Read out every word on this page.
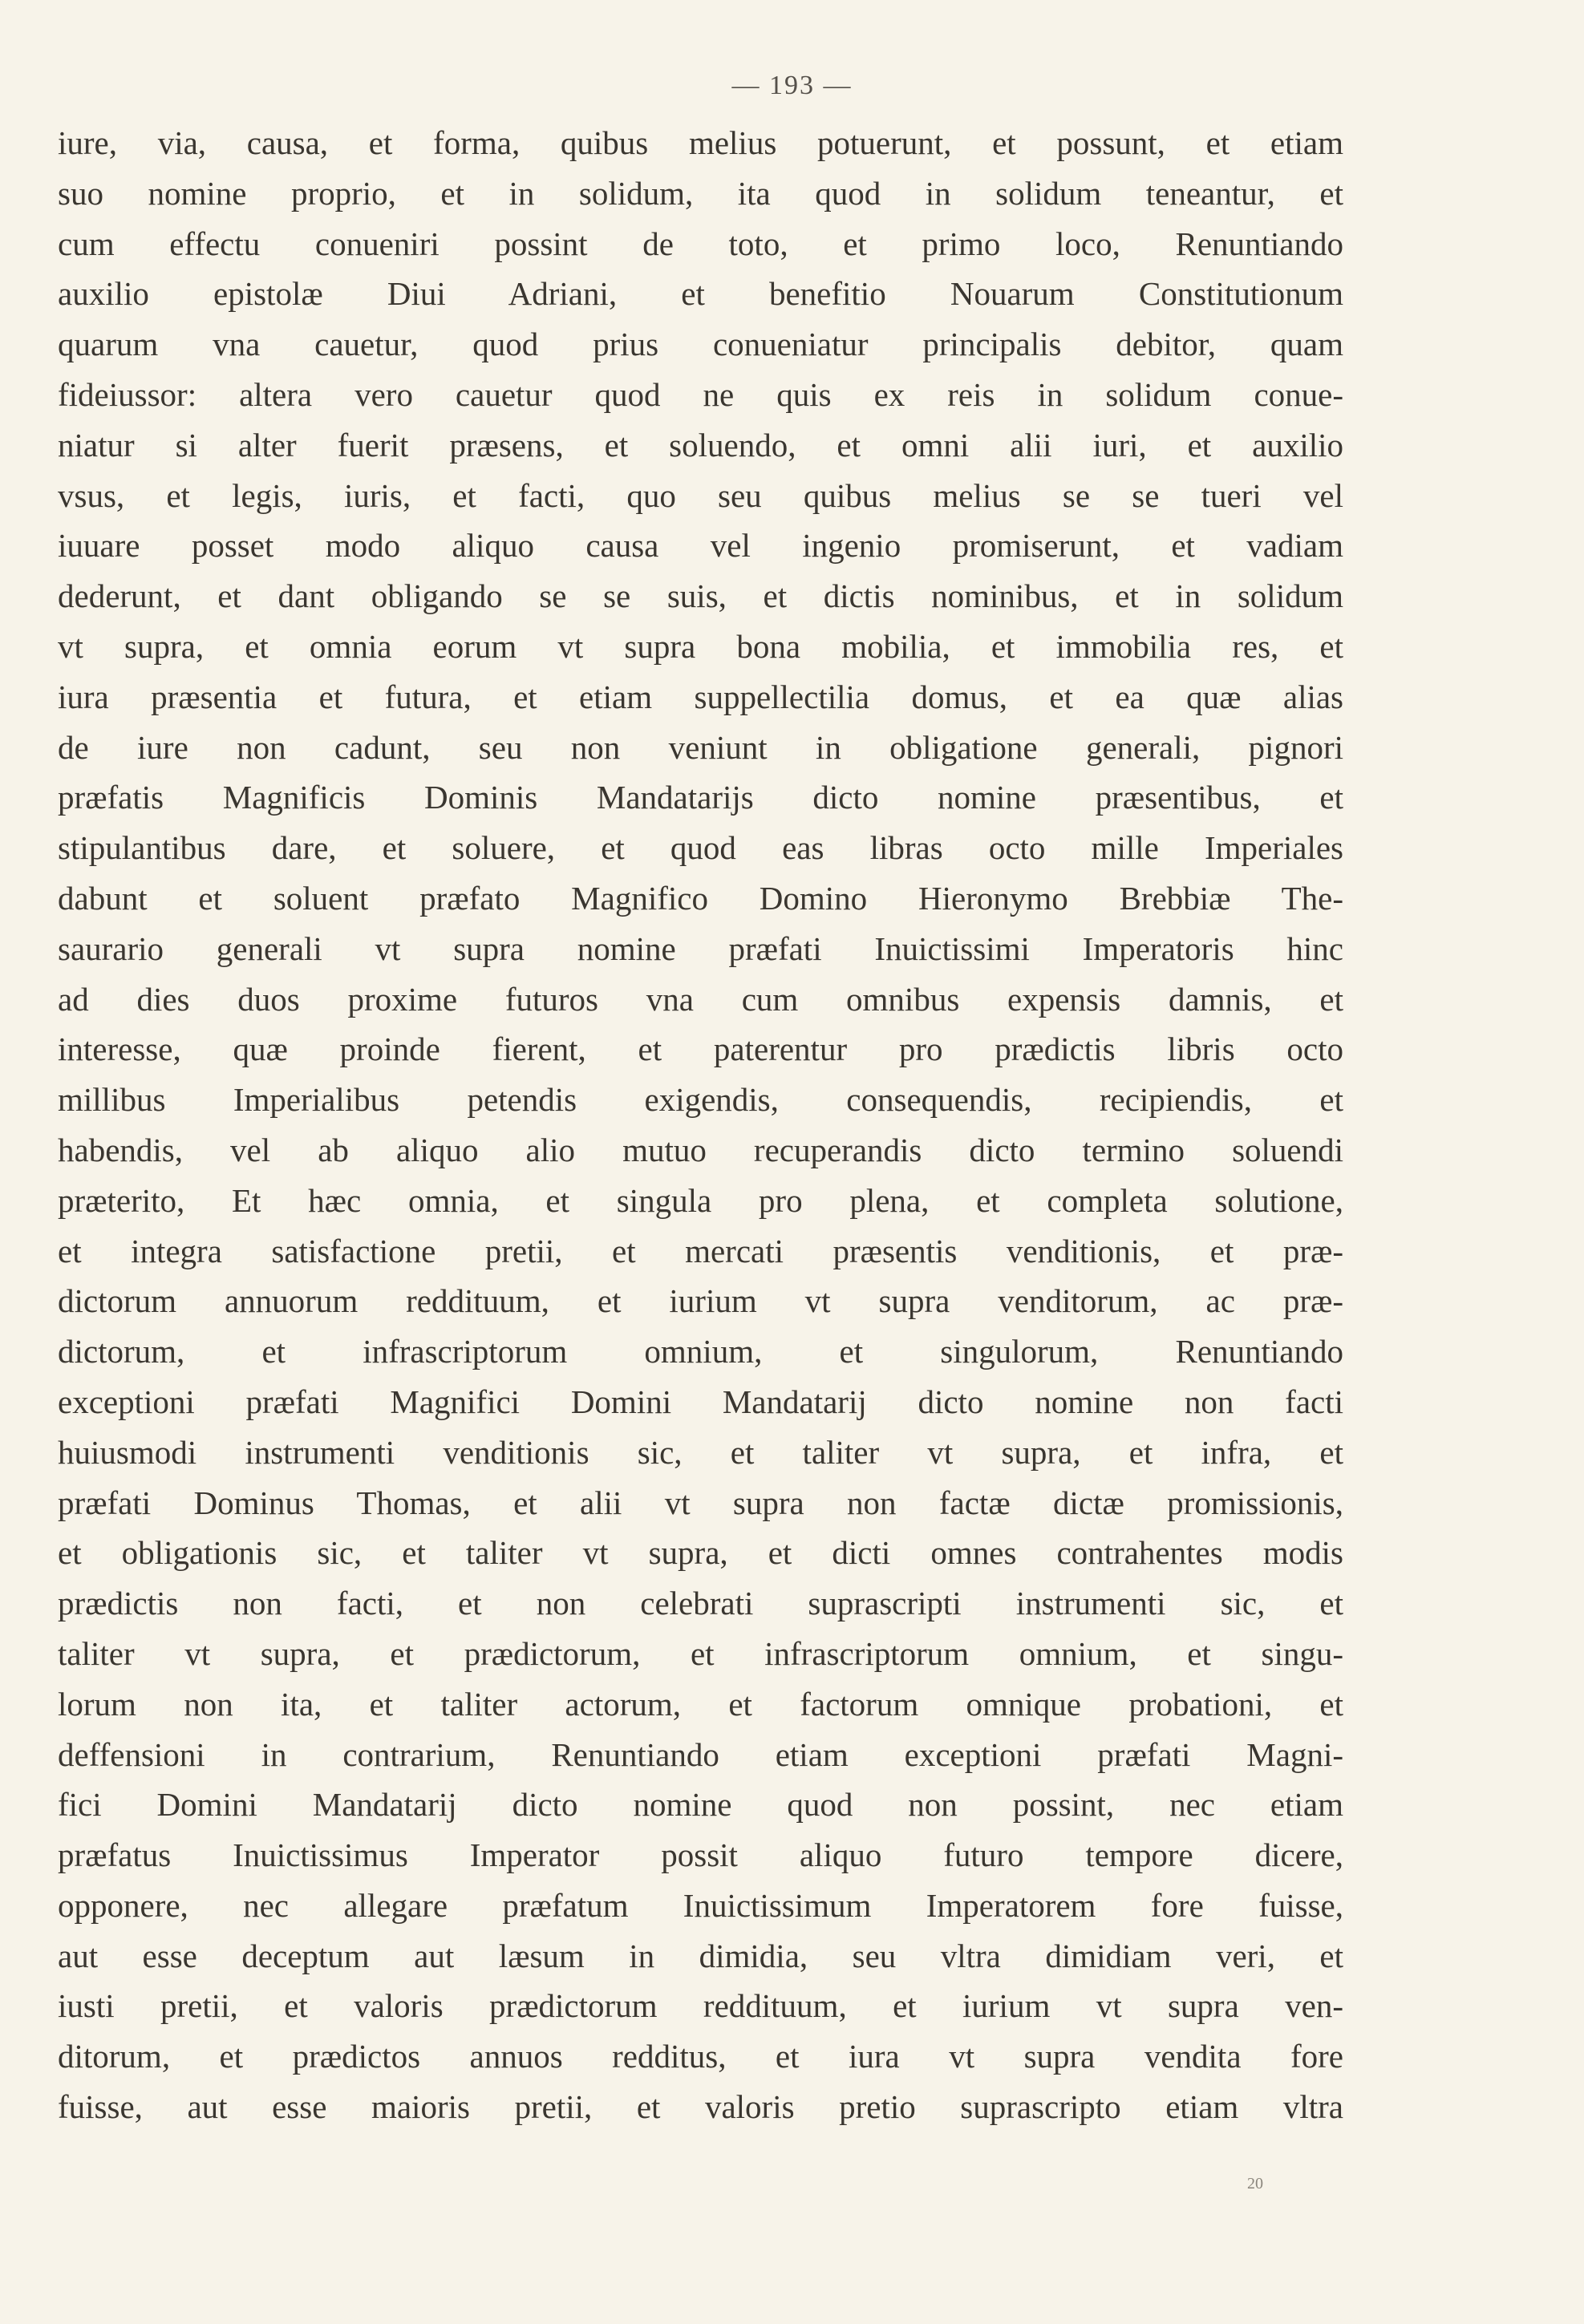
— 193 —
iure, via, causa, et forma, quibus melius potuerunt, et possunt, et etiam
suo nomine proprio, et in solidum, ita quod in solidum teneantur, et
cum effectu conueniri possint de toto, et primo loco, Renuntiando
auxilio epistolæ Diui Adriani, et benefitio Nouarum Constitutionum
quarum vna cauetur, quod prius conueniatur principalis debitor, quam
fideiussor: altera vero cauetur quod ne quis ex reis in solidum conue-
niatur si alter fuerit præsens, et soluendo, et omni alii iuri, et auxilio
vsus, et legis, iuris, et facti, quo seu quibus melius se se tueri vel
iuuare posset modo aliquo causa vel ingenio promiserunt, et vadiam
dederunt, et dant obligando se se suis, et dictis nominibus, et in solidum
vt supra, et omnia eorum vt supra bona mobilia, et immobilia res, et
iura præsentia et futura, et etiam suppellectilia domus, et ea quæ alias
de iure non cadunt, seu non veniunt in obligatione generali, pignori
præfatis Magnificis Dominis Mandatarijs dicto nomine præsentibus, et
stipulantibus dare, et soluere, et quod eas libras octo mille Imperiales
dabunt et soluent præfato Magnifico Domino Hieronymo Brebbiæ The-
saurario generali vt supra nomine præfati Inuictissimi Imperatoris hinc
ad dies duos proxime futuros vna cum omnibus expensis damnis, et
interesse, quæ proinde fierent, et paterentur pro prædictis libris octo
millibus Imperialibus petendis exigendis, consequendis, recipiendis, et
habendis, vel ab aliquo alio mutuo recuperandis dicto termino soluendi
præterito, Et hæc omnia, et singula pro plena, et completa solutione,
et integra satisfactione pretii, et mercati præsentis venditionis, et præ-
dictorum annuorum reddituum, et iurium vt supra venditorum, ac præ-
dictorum, et infrascriptorum omnium, et singulorum, Renuntiando
exceptioni præfati Magnifici Domini Mandatarij dicto nomine non facti
huiusmodi instrumenti venditionis sic, et taliter vt supra, et infra, et
præfati Dominus Thomas, et alii vt supra non factæ dictæ promissionis,
et obligationis sic, et taliter vt supra, et dicti omnes contrahentes modis
prædictis non facti, et non celebrati suprascripti instrumenti sic, et
taliter vt supra, et prædictorum, et infrascriptorum omnium, et singu-
lorum non ita, et taliter actorum, et factorum omnique probationi, et
deffensioni in contrarium, Renuntiando etiam exceptioni præfati Magni-
fici Domini Mandatarij dicto nomine quod non possint, nec etiam
præfatus Inuictissimus Imperator possit aliquo futuro tempore dicere,
opponere, nec allegare præfatum Inuictissimum Imperatorem fore fuisse,
aut esse deceptum aut læsum in dimidia, seu vltra dimidiam veri, et
iusti pretii, et valoris prædictorum reddituum, et iurium vt supra ven-
ditorum, et prædictos annuos redditus, et iura vt supra vendita fore
fuisse, aut esse maioris pretii, et valoris pretio suprascripto etiam vltra
20
